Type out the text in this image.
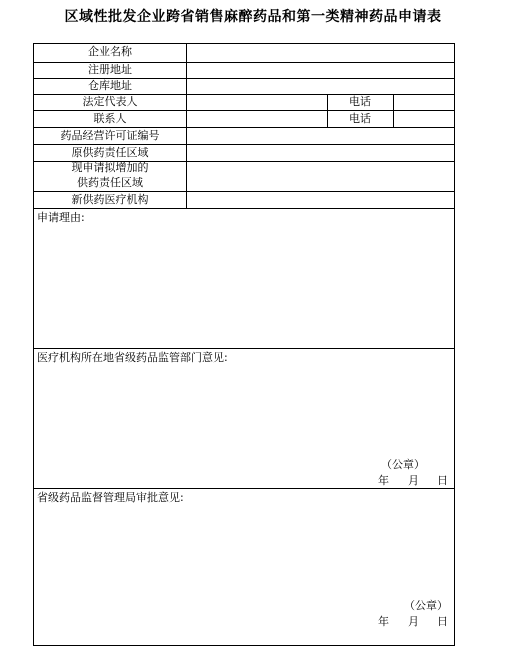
区域性批发企业跨省销售麻醉药品和第一类精神药品申请表
企业名称
注册地址
仓库地址
法定代表人	电话
联系人	电话
药品经营许可证编号
原供药责任区域
现申请拟增加的
供药责任区域
新供药医疗机构
申请理由:
医疗机构所在地省级药品监管部门意见:
（公章）
年 月 日
省级药品监督管理局审批意见:
（公章）
年 月 日
